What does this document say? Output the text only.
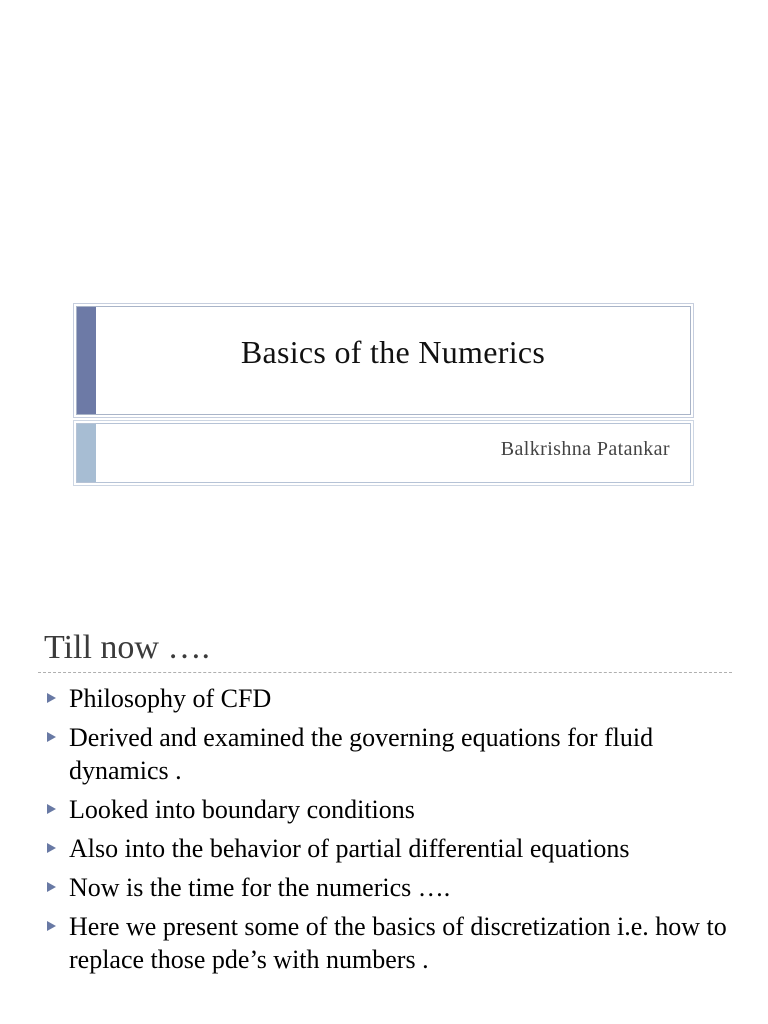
Basics of the Numerics
Balkrishna Patankar
Till now ….
Philosophy of CFD
Derived and examined the governing equations for fluid dynamics .
Looked into boundary conditions
Also into the behavior of partial differential equations
Now is the time for the numerics ….
Here we present some of the basics of discretization i.e. how to replace those pde’s with numbers .
